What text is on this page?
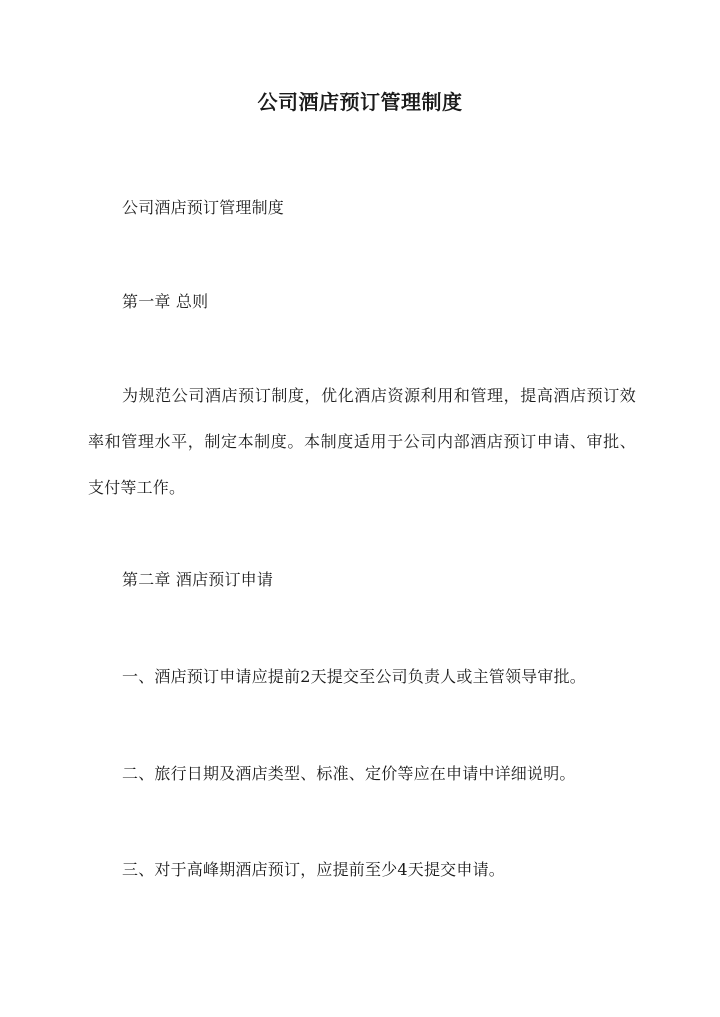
公司酒店预订管理制度

公司酒店预订管理制度

第一章 总则

为规范公司酒店预订制度，优化酒店资源利用和管理，提高酒店预订效率和管理水平，制定本制度。本制度适用于公司内部酒店预订申请、审批、支付等工作。

第二章 酒店预订申请

一、酒店预订申请应提前2天提交至公司负责人或主管领导审批。

二、旅行日期及酒店类型、标准、定价等应在申请中详细说明。

三、对于高峰期酒店预订，应提前至少4天提交申请。
